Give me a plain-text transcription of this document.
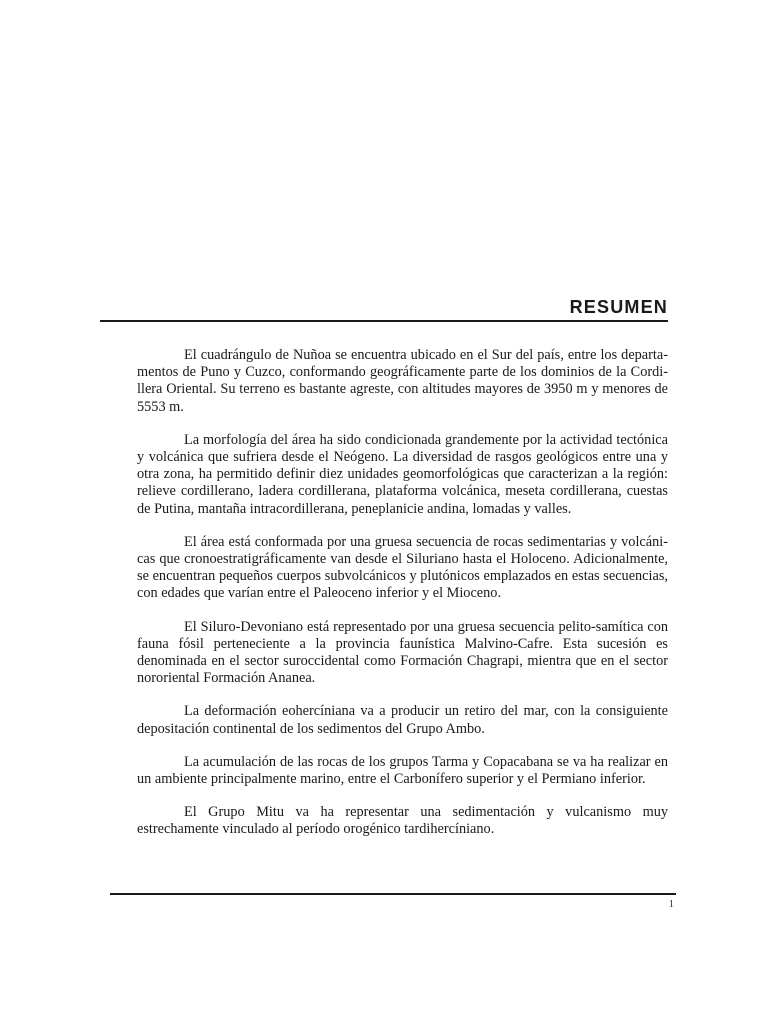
RESUMEN

El cuadrángulo de Nuñoa se encuentra ubicado en el Sur del país, entre los departamentos de Puno y Cuzco, conformando geográficamente parte de los dominios de la Cordillera Oriental. Su terreno es bastante agreste, con altitudes mayores de 3950 m y menores de 5553 m.

La morfología del área ha sido condicionada grandemente por la actividad tectónica y volcánica que sufriera desde el Neógeno. La diversidad de rasgos geológicos entre una y otra zona, ha permitido definir diez unidades geomorfológicas que caracterizan a la región: relieve cordillerano, ladera cordillerana, plataforma volcánica, meseta cordillerana, cuestas de Putina, mantaña intracordillerana, peneplanicie andina, lomadas y valles.

El área está conformada por una gruesa secuencia de rocas sedimentarias y volcánicas que cronoestratigráficamente van desde el Siluriano hasta el Holoceno. Adicionalmente, se encuentran pequeños cuerpos subvolcánicos y plutónicos emplazados en estas secuencias, con edades que varían entre el Paleoceno inferior y el Mioceno.

El Siluro-Devoniano está representado por una gruesa secuencia pelito-samítica con fauna fósil perteneciente a la provincia faunística Malvino-Cafre. Esta sucesión es denominada en el sector suroccidental como Formación Chagrapi, mientra que en el sector nororiental Formación Ananea.

La deformación eohercíniana va a producir un retiro del mar, con la consiguiente depositación continental de los sedimentos del Grupo Ambo.

La acumulación de las rocas de los grupos Tarma y Copacabana se va ha realizar en un ambiente principalmente marino, entre el Carbonífero superior y el Permiano inferior.

El Grupo Mitu va ha representar una sedimentación y vulcanismo muy estrechamente vinculado al período orogénico tardihercíniano.

1
